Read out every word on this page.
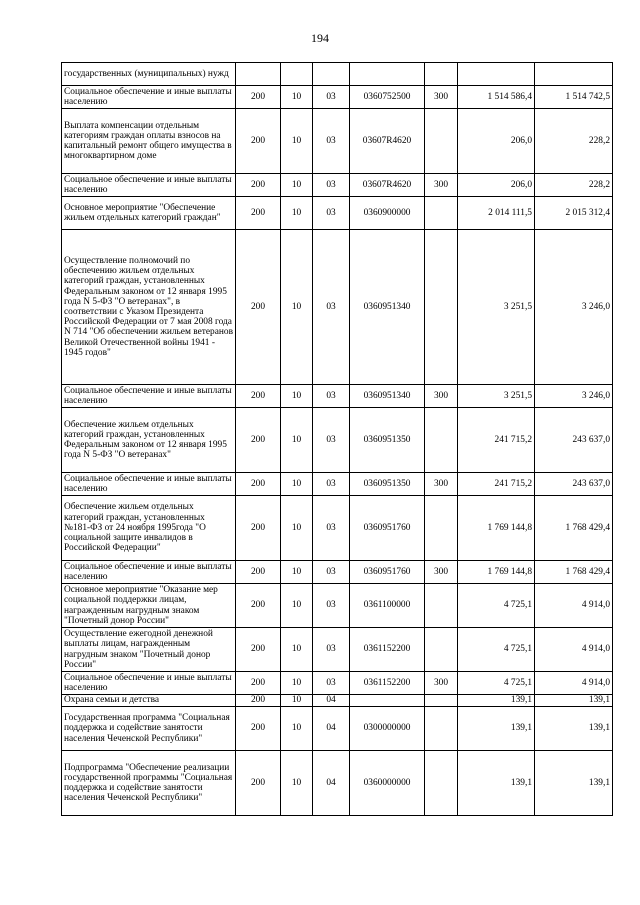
194
государственных (муниципальных) нужд							
Социальное обеспечение и иные выплаты населению	200	10	03	0360752500	300	1 514 586,4	1 514 742,5
Выплата компенсации отдельным категориям граждан оплаты взносов на капитальный ремонт общего имущества в многоквартирном доме	200	10	03	03607R4620		206,0	228,2
Социальное обеспечение и иные выплаты населению	200	10	03	03607R4620	300	206,0	228,2
Основное мероприятие "Обеспечение жильем отдельных категорий граждан"	200	10	03	0360900000		2 014 111,5	2 015 312,4
Осуществление полномочий по обеспечению жильем отдельных категорий граждан, установленных Федеральным законом от 12 января 1995 года N 5-ФЗ "О ветеранах", в соответствии с Указом Президента Российской Федерации от 7 мая 2008 года N 714 "Об обеспечении жильем ветеранов Великой Отечественной войны 1941 - 1945 годов"	200	10	03	0360951340		3 251,5	3 246,0
Социальное обеспечение и иные выплаты населению	200	10	03	0360951340	300	3 251,5	3 246,0
Обеспечение жильем отдельных категорий граждан, установленных Федеральным законом от 12 января 1995 года N 5-ФЗ "О ветеранах"	200	10	03	0360951350		241 715,2	243 637,0
Социальное обеспечение и иные выплаты населению	200	10	03	0360951350	300	241 715,2	243 637,0
Обеспечение жильем отдельных категорий граждан, установленных №181-ФЗ от 24 ноября 1995года "О социальной защите инвалидов в Российской Федерации"	200	10	03	0360951760		1 769 144,8	1 768 429,4
Социальное обеспечение и иные выплаты населению	200	10	03	0360951760	300	1 769 144,8	1 768 429,4
Основное мероприятие "Оказание мер социальной поддержки лицам, награжденным нагрудным знаком "Почетный донор России"	200	10	03	0361100000		4 725,1	4 914,0
Осуществление ежегодной денежной выплаты лицам, награжденным нагрудным знаком "Почетный донор России"	200	10	03	0361152200		4 725,1	4 914,0
Социальное обеспечение и иные выплаты населению	200	10	03	0361152200	300	4 725,1	4 914,0
Охрана семьи и детства	200	10	04			139,1	139,1
Государственная программа "Социальная поддержка и содействие занятости населения Чеченской Республики"	200	10	04	0300000000		139,1	139,1
Подпрограмма "Обеспечение реализации государственной программы "Социальная поддержка и содействие занятости населения Чеченской Республики"	200	10	04	0360000000		139,1	139,1
